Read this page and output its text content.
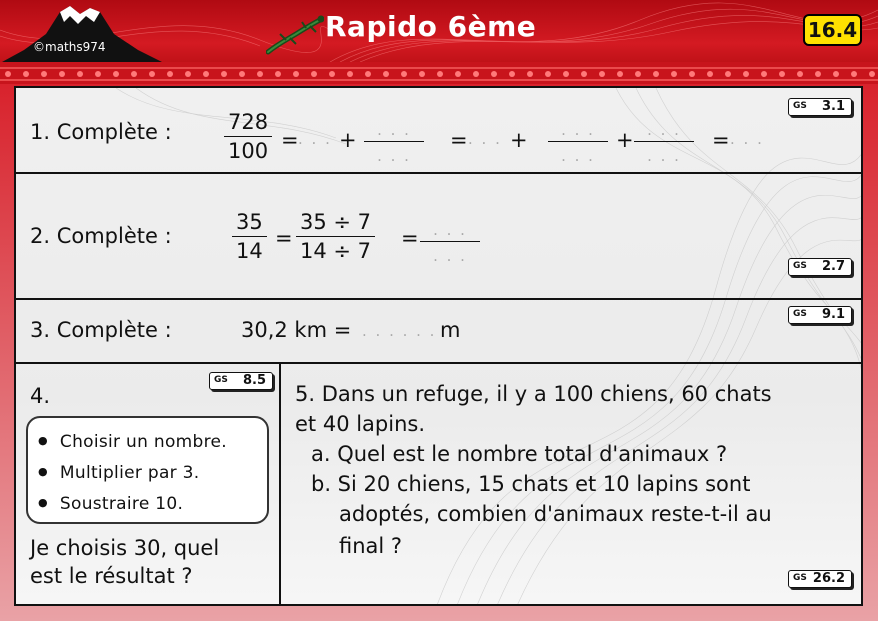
©maths974
Rapido 6ème	16.4
1. Complète : $\frac{728}{100}$ = . . . +	. . .
. . .
= . . . +	. . .
. . .
+ . . .
. . .
= . . .
GS 3.1
2. Complète :	$\frac{35}{14} = \frac{35 \div 7}{14 \div 7}$ = . . .
. . .
GS 2.7
3. Complète :	30,2 km = . . . . . . m
GS 9.1
4.
GS 8.5
● Choisir un nombre.
● Multiplier par 3.
● Soustraire 10.
Je choisis 30, quel
est le résultat ?
5. Dans un refuge, il y a 100 chiens, 60 chats
et 40 lapins.
a. Quel est le nombre total d'animaux ?
b. Si 20 chiens, 15 chats et 10 lapins sont
adoptés, combien d'animaux reste-t-il au
final ?
GS 26.2
